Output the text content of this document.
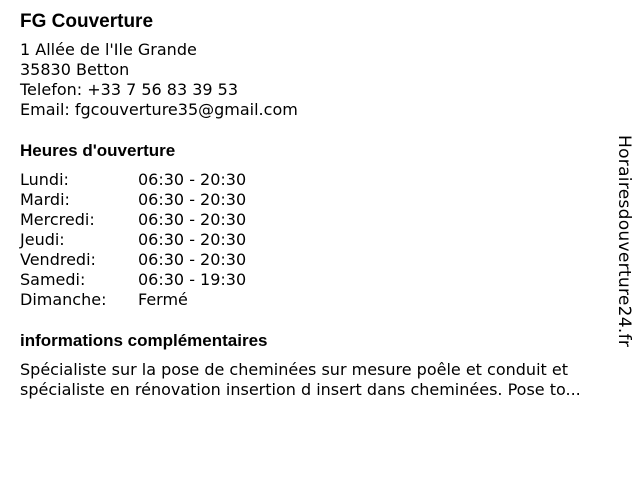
FG Couverture
1 Allée de l'Ile Grande
35830 Betton
Telefon: +33 7 56 83 39 53
Email: fgcouverture35@gmail.com
Heures d'ouverture
Lundi:	06:30 - 20:30
Mardi:	06:30 - 20:30
Mercredi:	06:30 - 20:30
Jeudi:	06:30 - 20:30
Vendredi:	06:30 - 20:30
Samedi:	06:30 - 19:30
Dimanche:	Fermé
informations complémentaires
Spécialiste sur la pose de cheminées sur mesure poêle et conduit et spécialiste en rénovation insertion d insert dans cheminées. Pose to...
Horairesdouverture24.fr
